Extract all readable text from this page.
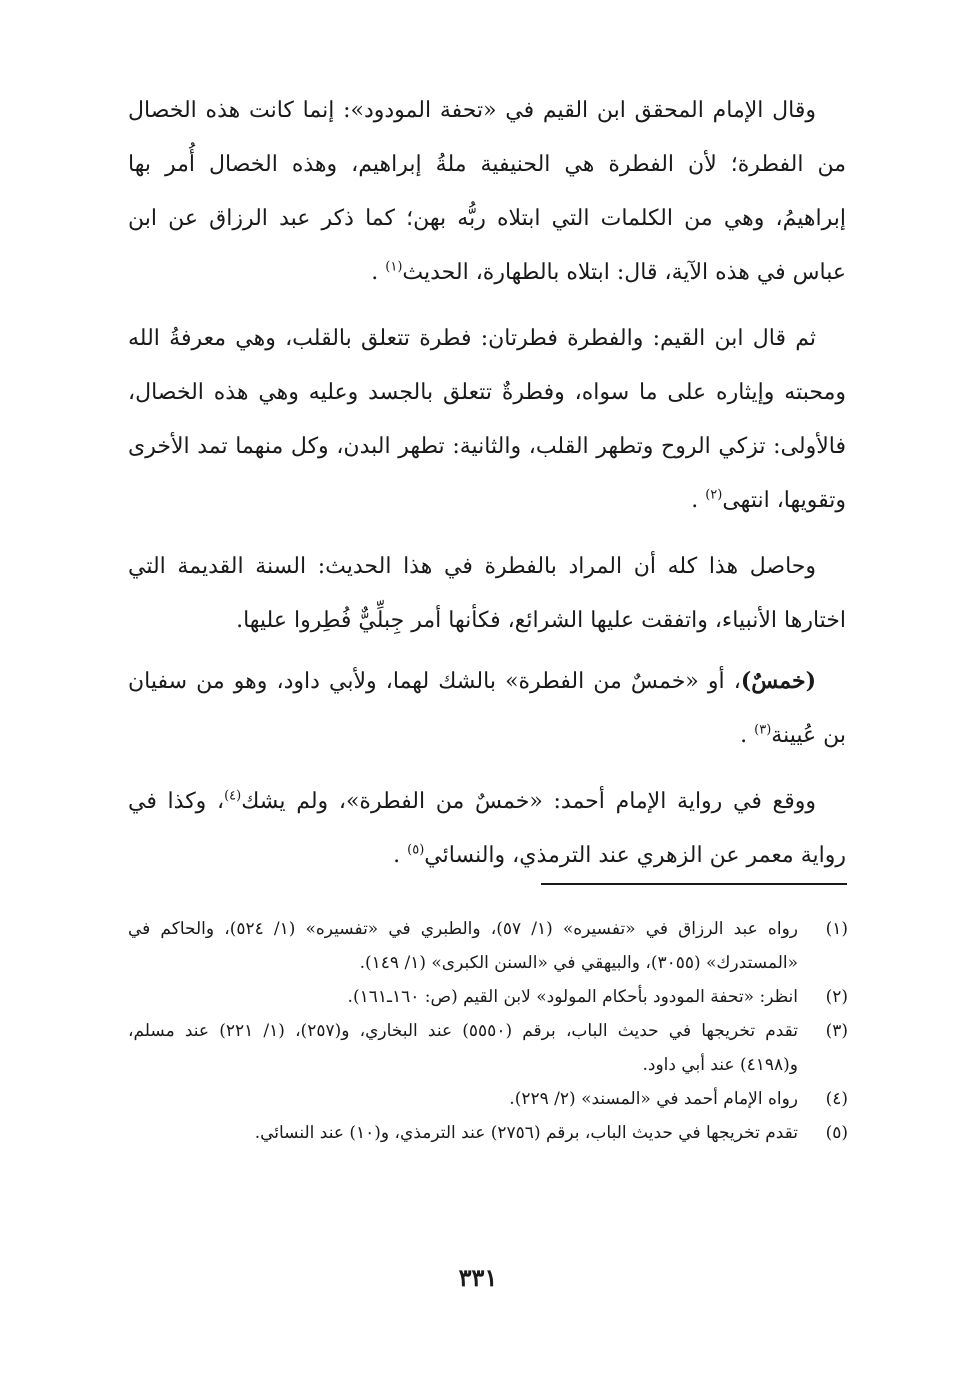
وقال الإمام المحقق ابن القيم في «تحفة المودود»: إنما كانت هذه الخصال من الفطرة؛ لأن الفطرة هي الحنيفية ملةُ إبراهيم، وهذه الخصال أُمر بها إبراهيمُ، وهي من الكلمات التي ابتلاه ربُّه بهن؛ كما ذكر عبد الرزاق عن ابن عباس في هذه الآية، قال: ابتلاه بالطهارة، الحديث$^{(١)}$ .

ثم قال ابن القيم: والفطرة فطرتان: فطرة تتعلق بالقلب، وهي معرفةُ الله ومحبته وإيثاره على ما سواه، وفطرةٌ تتعلق بالجسد وعليه وهي هذه الخصال، فالأولى: تزكي الروح وتطهر القلب، والثانية: تطهر البدن، وكل منهما تمد الأخرى وتقويها، انتهى$^{(٢)}$ .

وحاصل هذا كله أن المراد بالفطرة في هذا الحديث: السنة القديمة التي اختارها الأنبياء، واتفقت عليها الشرائع، فكأنها أمر جِبلِّيٌّ فُطِروا عليها.

(خمسٌ)، أو «خمسٌ من الفطرة» بالشك لهما، ولأبي داود، وهو من سفيان بن عُيينة$^{(٣)}$ .

ووقع في رواية الإمام أحمد: «خمسٌ من الفطرة»، ولم يشك$^{(٤)}$، وكذا في رواية معمر عن الزهري عند الترمذي، والنسائي$^{(٥)}$ .

(١)
رواه عبد الرزاق في «تفسيره» (١/ ٥٧)، والطبري في «تفسيره» (١/ ٥٢٤)، والحاكم في «المستدرك» (٣٠٥٥)، والبيهقي في «السنن الكبرى» (١/ ١٤٩).
(٢)
انظر: «تحفة المودود بأحكام المولود» لابن القيم (ص: ١٦٠ـ١٦١).
(٣)
تقدم تخريجها في حديث الباب، برقم (٥٥٥٠) عند البخاري، و(٢٥٧)، (١/ ٢٢١) عند مسلم، و(٤١٩٨) عند أبي داود.
(٤)
رواه الإمام أحمد في «المسند» (٢/ ٢٢٩).
(٥)
تقدم تخريجها في حديث الباب، برقم (٢٧٥٦) عند الترمذي، و(١٠) عند النسائي.
٣٣١
